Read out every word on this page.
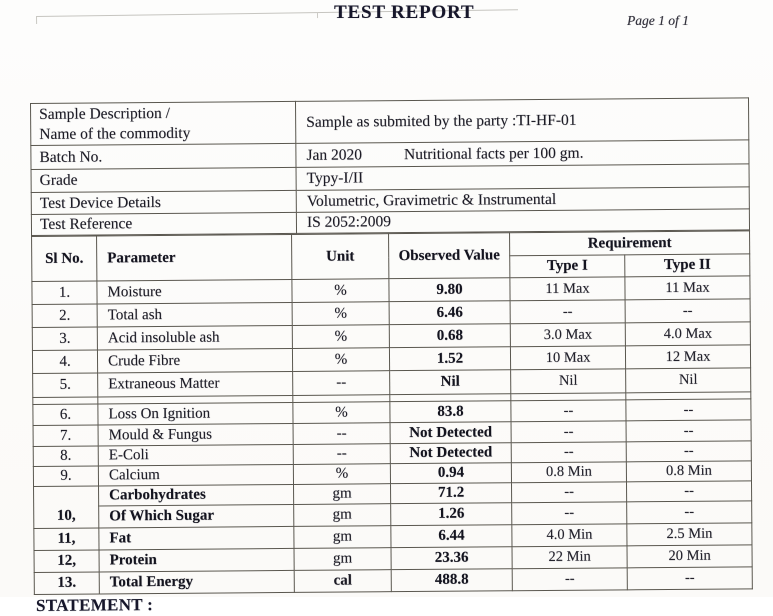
TEST REPORT	Page 1 of 1
Sample Description /
Name of the commodity	Sample as submited by the party :TI-HF-01
Batch No.	Jan 2020 Nutritional facts per 100 gm.
Grade	Typy-I/II
Test Device Details	Volumetric, Gravimetric & Instrumental
Test Reference	IS 2052:2009
Sl No.	Parameter	Unit	Observed Value	Requirement	
				Type I	Type II
1.	Moisture	%	9.80	11 Max	11 Max
2.	Total ash	%	6.46	--	--
3.	Acid insoluble ash	%	0.68	3.0 Max	4.0 Max
4.	Crude Fibre	%	1.52	10 Max	12 Max
5.	Extraneous Matter	--	Nil	Nil	Nil

6.	Loss On Ignition	%	83.8	--	--
7.	Mould & Fungus	--	Not Detected	--	--
8.	E-Coli	--	Not Detected	--	--
9.	Calcium	%	0.94	0.8 Min	0.8 Min
10,	Carbohydrates	gm	71.2	--	--
	Of Which Sugar	gm	1.26	--	--
11,	Fat	gm	6.44	4.0 Min	2.5 Min
12,	Protein	gm	23.36	22 Min	20 Min
13.	Total Energy	cal	488.8	--	--
STATEMENT :
